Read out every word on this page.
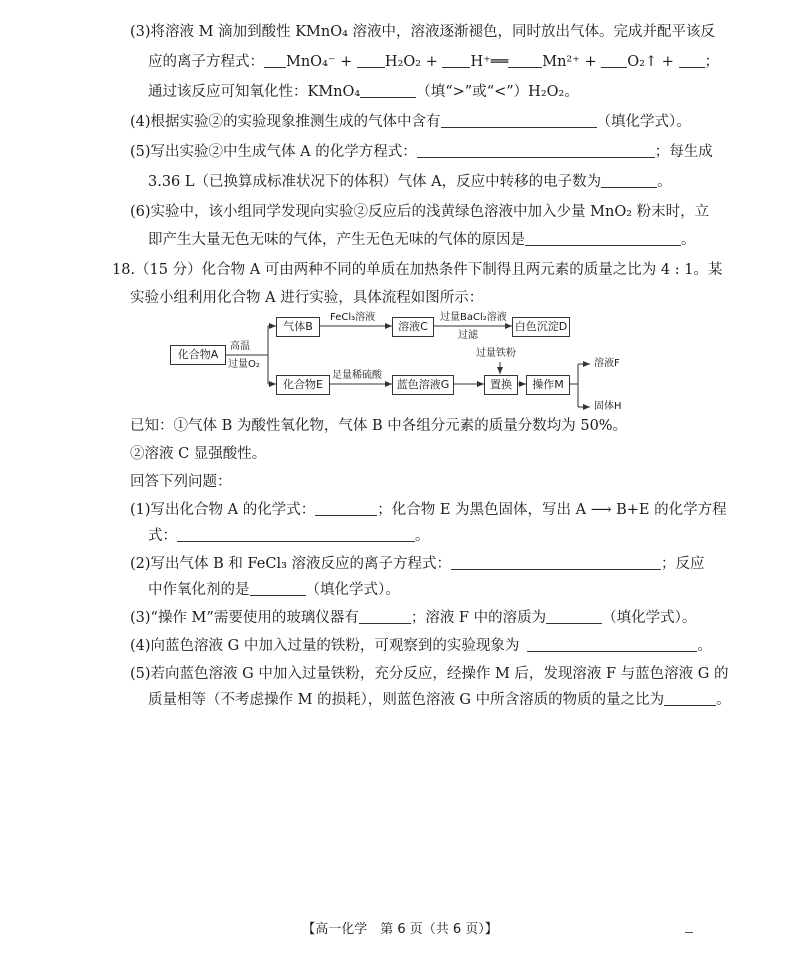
(3)将溶液 M 滴加到酸性 KMnO₄ 溶液中，溶液逐渐褪色，同时放出气体。完成并配平该反
应的离子方程式： MnO₄⁻ + H₂O₂ + H⁺══ Mn²⁺ + O₂↑ + ；
通过该反应可知氧化性：KMnO₄	（填“>”或“<”）H₂O₂。
(4)根据实验②的实验现象推测生成的气体中含有	（填化学式）。
(5)写出实验②中生成气体 A 的化学方程式：	；每生成
3.36 L（已换算成标准状况下的体积）气体 A，反应中转移的电子数为	。
(6)实验中，该小组同学发现向实验②反应后的浅黄绿色溶液中加入少量 MnO₂ 粉末时，立
即产生大量无色无味的气体，产生无色无味的气体的原因是	。
18.（15 分）化合物 A 可由两种不同的单质在加热条件下制得且两元素的质量之比为 4 : 1。某
实验小组利用化合物 A 进行实验，具体流程如图所示：
化合物A
高温
过量O₂
气体B
FeCl₃溶液
溶液C
过量BaCl₂溶液
过滤
白色沉淀D
化合物E
足量稀硫酸
蓝色溶液G
过量铁粉
置换	操作M
溶液F
固体H
已知：①气体 B 为酸性氧化物，气体 B 中各组分元素的质量分数均为 50%。
②溶液 C 显强酸性。
回答下列问题：
(1)写出化合物 A 的化学式：	；化合物 E 为黑色固体，写出 A ⟶ B+E 的化学方程
式：	。
(2)写出气体 B 和 FeCl₃ 溶液反应的离子方程式：	；反应
中作氧化剂的是	（填化学式）。
(3)“操作 M”需要使用的玻璃仪器有	；溶液 F 中的溶质为	（填化学式）。
(4)向蓝色溶液 G 中加入过量的铁粉，可观察到的实验现象为	。
(5)若向蓝色溶液 G 中加入过量铁粉，充分反应，经操作 M 后，发现溶液 F 与蓝色溶液 G 的
质量相等（不考虑操作 M 的损耗），则蓝色溶液 G 中所含溶质的物质的量之比为	。
【高一化学　第 6 页（共 6 页）】
